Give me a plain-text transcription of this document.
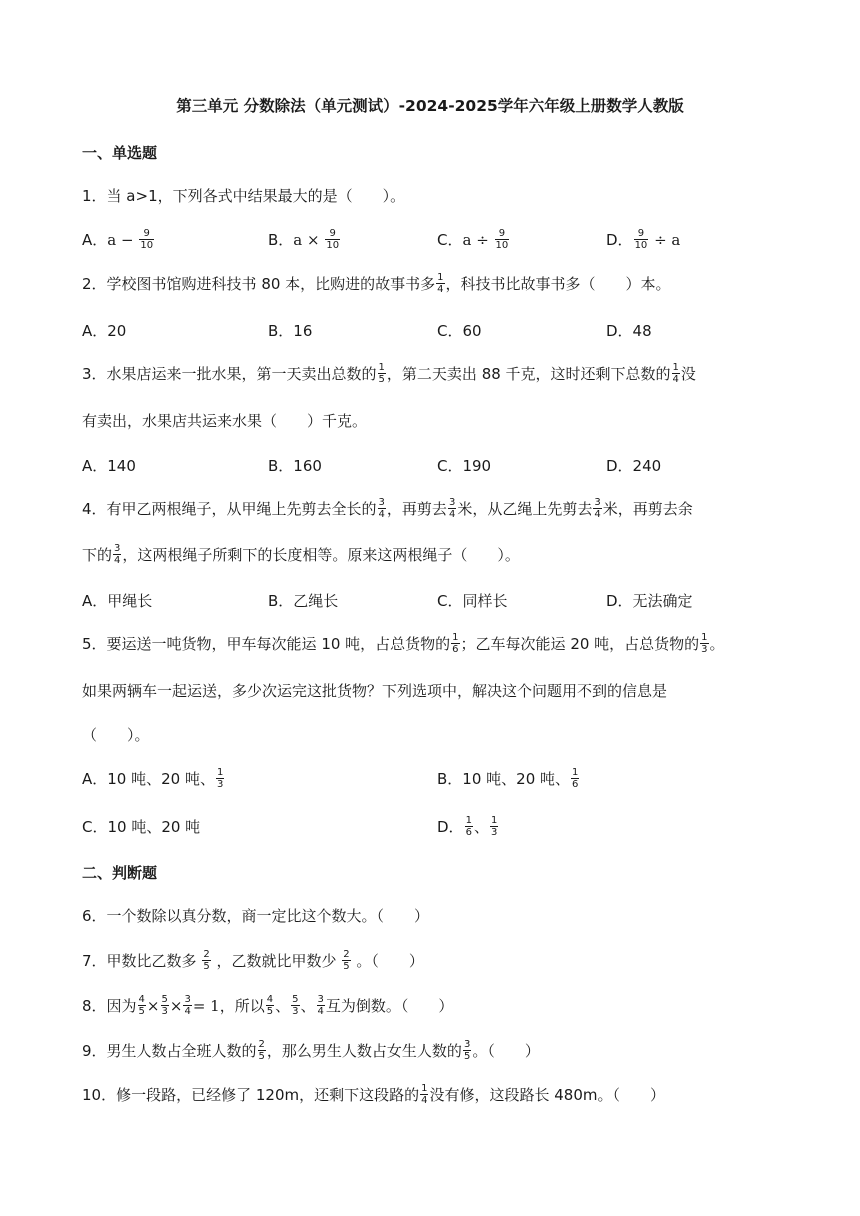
第三单元 分数除法（单元测试）-2024-2025学年六年级上册数学人教版
一、单选题
1．当 a>1，下列各式中结果最大的是（　　）。
A．$a - \frac{9}{10}$	B．$a \times \frac{9}{10}$	C．$a \div \frac{9}{10}$	D． $\frac{9}{10} \div a$
2．学校图书馆购进科技书 80 本，比购进的故事书多 $\frac{1}{4}$ ，科技书比故事书多（　　）本。
A．20	B．16	C．60	D．48
3．水果店运来一批水果，第一天卖出总数的 $\frac{1}{5}$ ，第二天卖出 88 千克，这时还剩下总数的 $\frac{1}{4}$ 没
有卖出，水果店共运来水果（　　）千克。
A．140	B．160	C．190	D．240
4．有甲乙两根绳子，从甲绳上先剪去全长的 $\frac{3}{4}$ ，再剪去 $\frac{3}{4}$ 米，从乙绳上先剪去 $\frac{3}{4}$ 米，再剪去余
下的 $\frac{3}{4}$ ，这两根绳子所剩下的长度相等。原来这两根绳子（　　）。
A．甲绳长	B．乙绳长	C．同样长	D．无法确定
5．要运送一吨货物，甲车每次能运 10 吨，占总货物的 $\frac{1}{6}$ ；乙车每次能运 20 吨，占总货物的 $\frac{1}{3}$ 。
如果两辆车一起运送，多少次运完这批货物？下列选项中，解决这个问题用不到的信息是
（　　）。
A．10 吨、20 吨、 $\frac{1}{3}$	B．10 吨、20 吨、 $\frac{1}{6}$
C．10 吨、20 吨	D． $\frac{1}{6}$ 、 $\frac{1}{3}$
二、判断题
6．一个数除以真分数，商一定比这个数大。（　　）
7．甲数比乙数多 $\frac{2}{5}$ ，乙数就比甲数少 $\frac{2}{5}$ 。（　　）
8．因为 $\frac{4}{5} \times \frac{5}{3} \times \frac{3}{4} = 1$，所以 $\frac{4}{5}$ 、 $\frac{5}{3}$ 、 $\frac{3}{4}$ 互为倒数。（　　）
9．男生人数占全班人数的 $\frac{2}{5}$ ，那么男生人数占女生人数的 $\frac{3}{5}$ 。（　　）
10．修一段路，已经修了 120m，还剩下这段路的 $\frac{1}{4}$ 没有修，这段路长 480m。（　　）
